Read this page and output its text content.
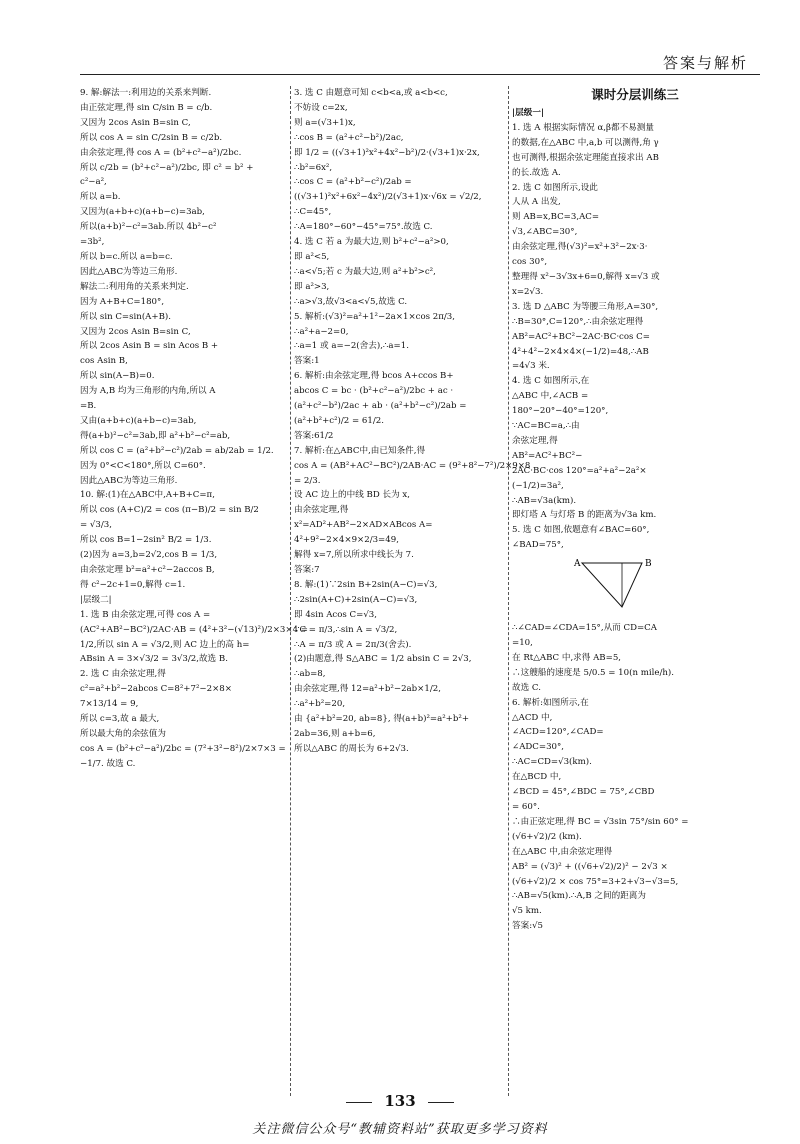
答案与解析
9. 解:解法一:利用边的关系来判断.
由正弦定理,得 sin C/sin B = c/b.
又因为 2cos Asin B=sin C,
所以 cos A = sin C/2sin B = c/2b.
由余弦定理,得 cos A = (b²+c²−a²)/2bc.
所以 c/2b = (b²+c²−a²)/2bc, 即 c² = b² +
c²−a²,
所以 a=b.
又因为(a+b+c)(a+b−c)=3ab,
所以(a+b)²−c²=3ab.所以 4b²−c²
=3b²,
所以 b=c.所以 a=b=c.
因此△ABC为等边三角形.
解法二:利用角的关系来判定.
因为 A+B+C=180°,
所以 sin C=sin(A+B).
又因为 2cos Asin B=sin C,
所以 2cos Asin B = sin Acos B +
cos Asin B,
所以 sin(A−B)=0.
因为 A,B 均为三角形的内角,所以 A
=B.
又由(a+b+c)(a+b−c)=3ab,
得(a+b)²−c²=3ab,即 a²+b²−c²=ab,
所以 cos C = (a²+b²−c²)/2ab = ab/2ab = 1/2.
因为 0°<C<180°,所以 C=60°.
因此△ABC为等边三角形.
10. 解:(1)在△ABC中,A+B+C=π,
所以 cos (A+C)/2 = cos (π−B)/2 = sin B/2
= √3/3,
所以 cos B=1−2sin² B/2 = 1/3.
(2)因为 a=3,b=2√2,cos B = 1/3,
由余弦定理 b²=a²+c²−2accos B,
得 c²−2c+1=0,解得 c=1.
|层级二|
1. 选 B 由余弦定理,可得 cos A =
(AC²+AB²−BC²)/2AC·AB = (4²+3²−(√13)²)/2×3×4 =
1/2,所以 sin A = √3/2,则 AC 边上的高 h=
ABsin A = 3×√3/2 = 3√3/2,故选 B.
2. 选 C 由余弦定理,得
c²=a²+b²−2abcos C=8²+7²−2×8×
7×13/14 = 9,
所以 c=3,故 a 最大,
所以最大角的余弦值为
cos A = (b²+c²−a²)/2bc = (7²+3²−8²)/2×7×3 =
−1/7. 故选 C.
3. 选 C 由题意可知 c<b<a,或 a<b<c,
不妨设 c=2x,
则 a=(√3+1)x,
∴cos B = (a²+c²−b²)/2ac,
即 1/2 = ((√3+1)²x²+4x²−b²)/2·(√3+1)x·2x,
∴b²=6x²,
∴cos C = (a²+b²−c²)/2ab =
((√3+1)²x²+6x²−4x²)/2(√3+1)x·√6x = √2/2,
∴C=45°,
∴A=180°−60°−45°=75°.故选 C.
4. 选 C 若 a 为最大边,则 b²+c²−a²>0,
即 a²<5,
∴a<√5;若 c 为最大边,则 a²+b²>c²,
即 a²>3,
∴a>√3,故√3<a<√5,故选 C.
5. 解析:(√3)²=a²+1²−2a×1×cos 2π/3,
∴a²+a−2=0,
∴a=1 或 a=−2(舍去),∴a=1.
答案:1
6. 解析:由余弦定理,得 bcos A+ccos B+
abcos C = bc · (b²+c²−a²)/2bc + ac ·
(a²+c²−b²)/2ac + ab · (a²+b²−c²)/2ab =
(a²+b²+c²)/2 = 61/2.
答案:61/2
7. 解析:在△ABC中,由已知条件,得
cos A = (AB²+AC²−BC²)/2AB·AC = (9²+8²−7²)/2×9×8
= 2/3.
设 AC 边上的中线 BD 长为 x,
由余弦定理,得
x²=AD²+AB²−2×AD×ABcos A=
4²+9²−2×4×9×2/3=49,
解得 x=7,所以所求中线长为 7.
答案:7
8. 解:(1)∵2sin B+2sin(A−C)=√3,
∴2sin(A+C)+2sin(A−C)=√3,
即 4sin Acos C=√3,
∵C = π/3,∴sin A = √3/2,
∴A = π/3 或 A = 2π/3(舍去).
(2)由题意,得 S△ABC = 1/2 absin C = 2√3,
∴ab=8,
由余弦定理,得 12=a²+b²−2ab×1/2,
∴a²+b²=20,
由 {a²+b²=20, ab=8}, 得(a+b)²=a²+b²+
2ab=36,则 a+b=6,
所以△ABC 的周长为 6+2√3.
课时分层训练三
|层级一|
1. 选 A 根据实际情况 α,β都不易测量
的数据,在△ABC 中,a,b 可以测得,角 γ
也可测得,根据余弦定理能直接求出 AB
的长.故选 A.
2. 选 C 如图所示,设此
人从 A 出发,
则 AB=x,BC=3,AC=
√3,∠ABC=30°,
由余弦定理,得(√3)²=x²+3²−2x·3·
cos 30°,
整理得 x²−3√3x+6=0,解得 x=√3 或
x=2√3.
3. 选 D △ABC 为等腰三角形,A=30°,
∴B=30°,C=120°,∴由余弦定理得
AB²=AC²+BC²−2AC·BC·cos C=
4²+4²−2×4×4×(−1/2)=48,∴AB
=4√3 米.
4. 选 C 如图所示,在
△ABC 中,∠ACB =
180°−20°−40°=120°,
∵AC=BC=a,∴由
余弦定理,得
AB²=AC²+BC²−
2AC·BC·cos 120°=a²+a²−2a²×
(−1/2)=3a²,
∴AB=√3a(km).
即灯塔 A 与灯塔 B 的距离为√3a km.
5. 选 C 如图,依题意有∠BAC=60°,
∠BAD=75°,
A	B
∴∠CAD=∠CDA=15°,从而 CD=CA
=10,
在 Rt△ABC 中,求得 AB=5,
∴这艘船的速度是 5/0.5 = 10(n mile/h).
故选 C.
6. 解析:如图所示,在
△ACD 中,
∠ACD=120°,∠CAD=
∠ADC=30°,
∴AC=CD=√3(km).
在△BCD 中,
∠BCD = 45°,∠BDC = 75°,∠CBD
= 60°.
∴由正弦定理,得 BC = √3sin 75°/sin 60° =
(√6+√2)/2 (km).
在△ABC 中,由余弦定理得
AB² = (√3)² + ((√6+√2)/2)² − 2√3 ×
(√6+√2)/2 × cos 75°=3+2+√3−√3=5,
∴AB=√5(km).∴A,B 之间的距离为
√5 km.
答案:√5
133
关注微信公众号“教辅资料站”获取更多学习资料
